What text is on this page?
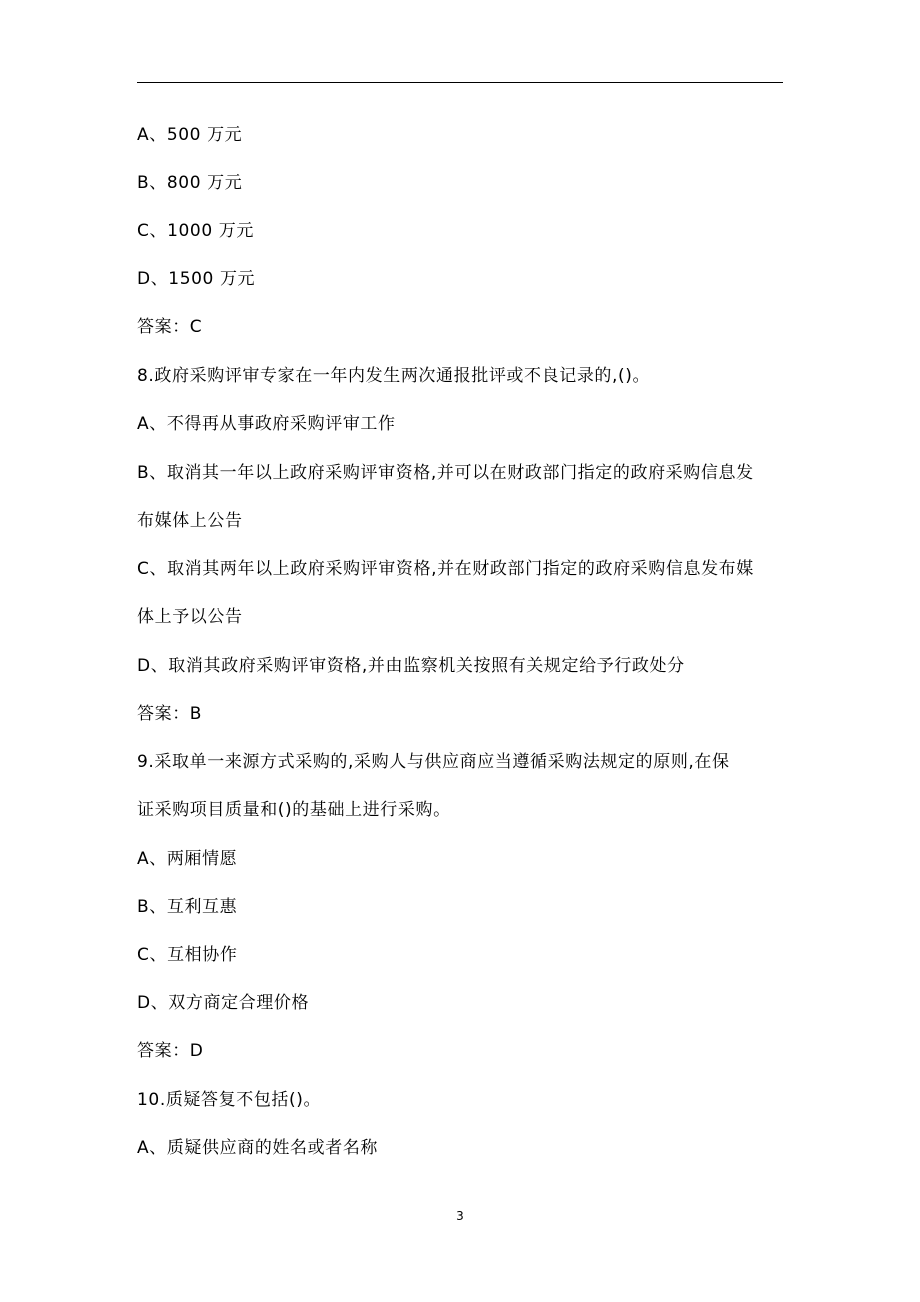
A、500 万元
B、800 万元
C、1000 万元
D、1500 万元
答案：C
8.政府采购评审专家在一年内发生两次通报批评或不良记录的,()。
A、不得再从事政府采购评审工作
B、取消其一年以上政府采购评审资格,并可以在财政部门指定的政府采购信息发
布媒体上公告
C、取消其两年以上政府采购评审资格,并在财政部门指定的政府采购信息发布媒
体上予以公告
D、取消其政府采购评审资格,并由监察机关按照有关规定给予行政处分
答案：B
9.采取单一来源方式采购的,采购人与供应商应当遵循采购法规定的原则,在保
证采购项目质量和()的基础上进行采购。
A、两厢情愿
B、互利互惠
C、互相协作
D、双方商定合理价格
答案：D
10.质疑答复不包括()。
A、质疑供应商的姓名或者名称
3
